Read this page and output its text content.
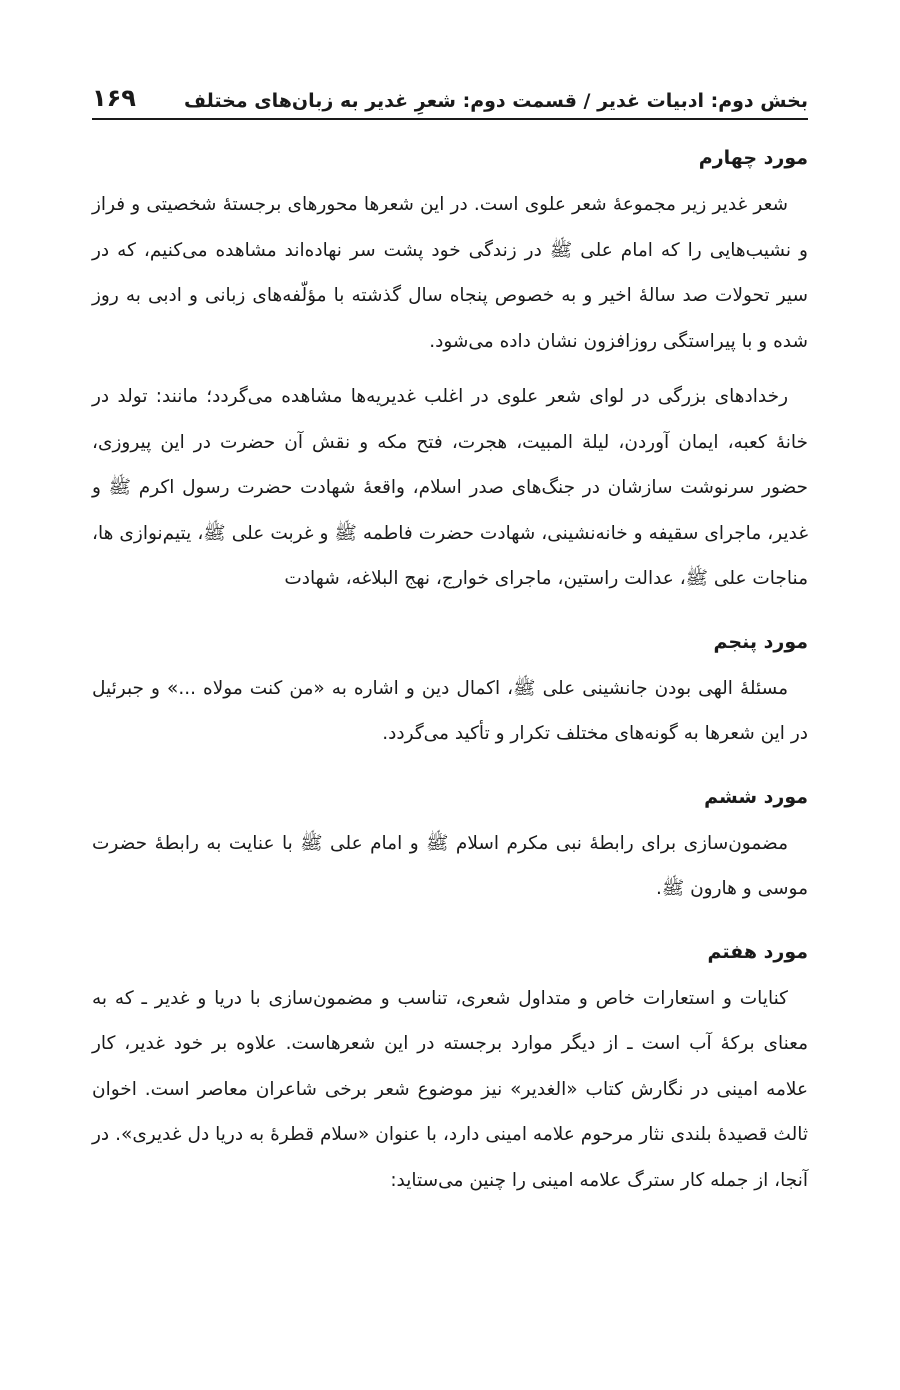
بخش دوم: ادبیات غدیر / قسمت دوم: شعرِ غدیر به زبان‌های مختلف
۱۶۹
مورد چهارم

شعر غدیر زیر مجموعهٔ شعر علوی است. در این شعرها محورهای برجستهٔ شخصیتی و فراز و نشیب‌هایی را که امام علی ﷺ در زندگی خود پشت سر نهاده‌اند مشاهده می‌کنیم، که در سیر تحولات صد سالهٔ اخیر و به خصوص پنجاه سال گذشته با مؤلّفه‌های زبانی و ادبی به روز شده و با پیراستگی روزافزون نشان داده می‌شود.

رخدادهای بزرگی در لوای شعر علوی در اغلب غدیریه‌ها مشاهده می‌گردد؛ مانند: تولد در خانهٔ کعبه، ایمان آوردن، لیلة المبیت، هجرت، فتح مکه و نقش آن حضرت در این پیروزی، حضور سرنوشت سازشان در جنگ‌های صدر اسلام، واقعهٔ شهادت حضرت رسول اکرم ﷺ و غدیر، ماجرای سقیفه و خانه‌نشینی، شهادت حضرت فاطمه ﷺ و غربت علی ﷺ، یتیم‌نوازی ها، مناجات علی ﷺ، عدالت راستین، ماجرای خوارج، نهج البلاغه، شهادت

مورد پنجم

مسئلهٔ الهی بودن جانشینی علی ﷺ، اکمال دین و اشاره به «من کنت مولاه ...» و جبرئیل در این شعرها به گونه‌های مختلف تکرار و تأکید می‌گردد.

مورد ششم

مضمون‌سازی برای رابطهٔ نبی مکرم اسلام ﷺ و امام علی ﷺ با عنایت به رابطهٔ حضرت موسی و هارون ﷺ.

مورد هفتم

کنایات و استعارات خاص و متداول شعری، تناسب و مضمون‌سازی با دریا و غدیر ـ که به معنای برکهٔ آب است ـ از دیگر موارد برجسته در این شعرهاست. علاوه بر خود غدیر، کار علامه امینی در نگارش کتاب «الغدیر» نیز موضوع شعر برخی شاعران معاصر است. اخوان ثالث قصیدهٔ بلندی نثار مرحوم علامه امینی دارد، با عنوان «سلام قطرهٔ به دریا دل غدیری». در آنجا، از جمله کار سترگ علامه امینی را چنین می‌ستاید:
